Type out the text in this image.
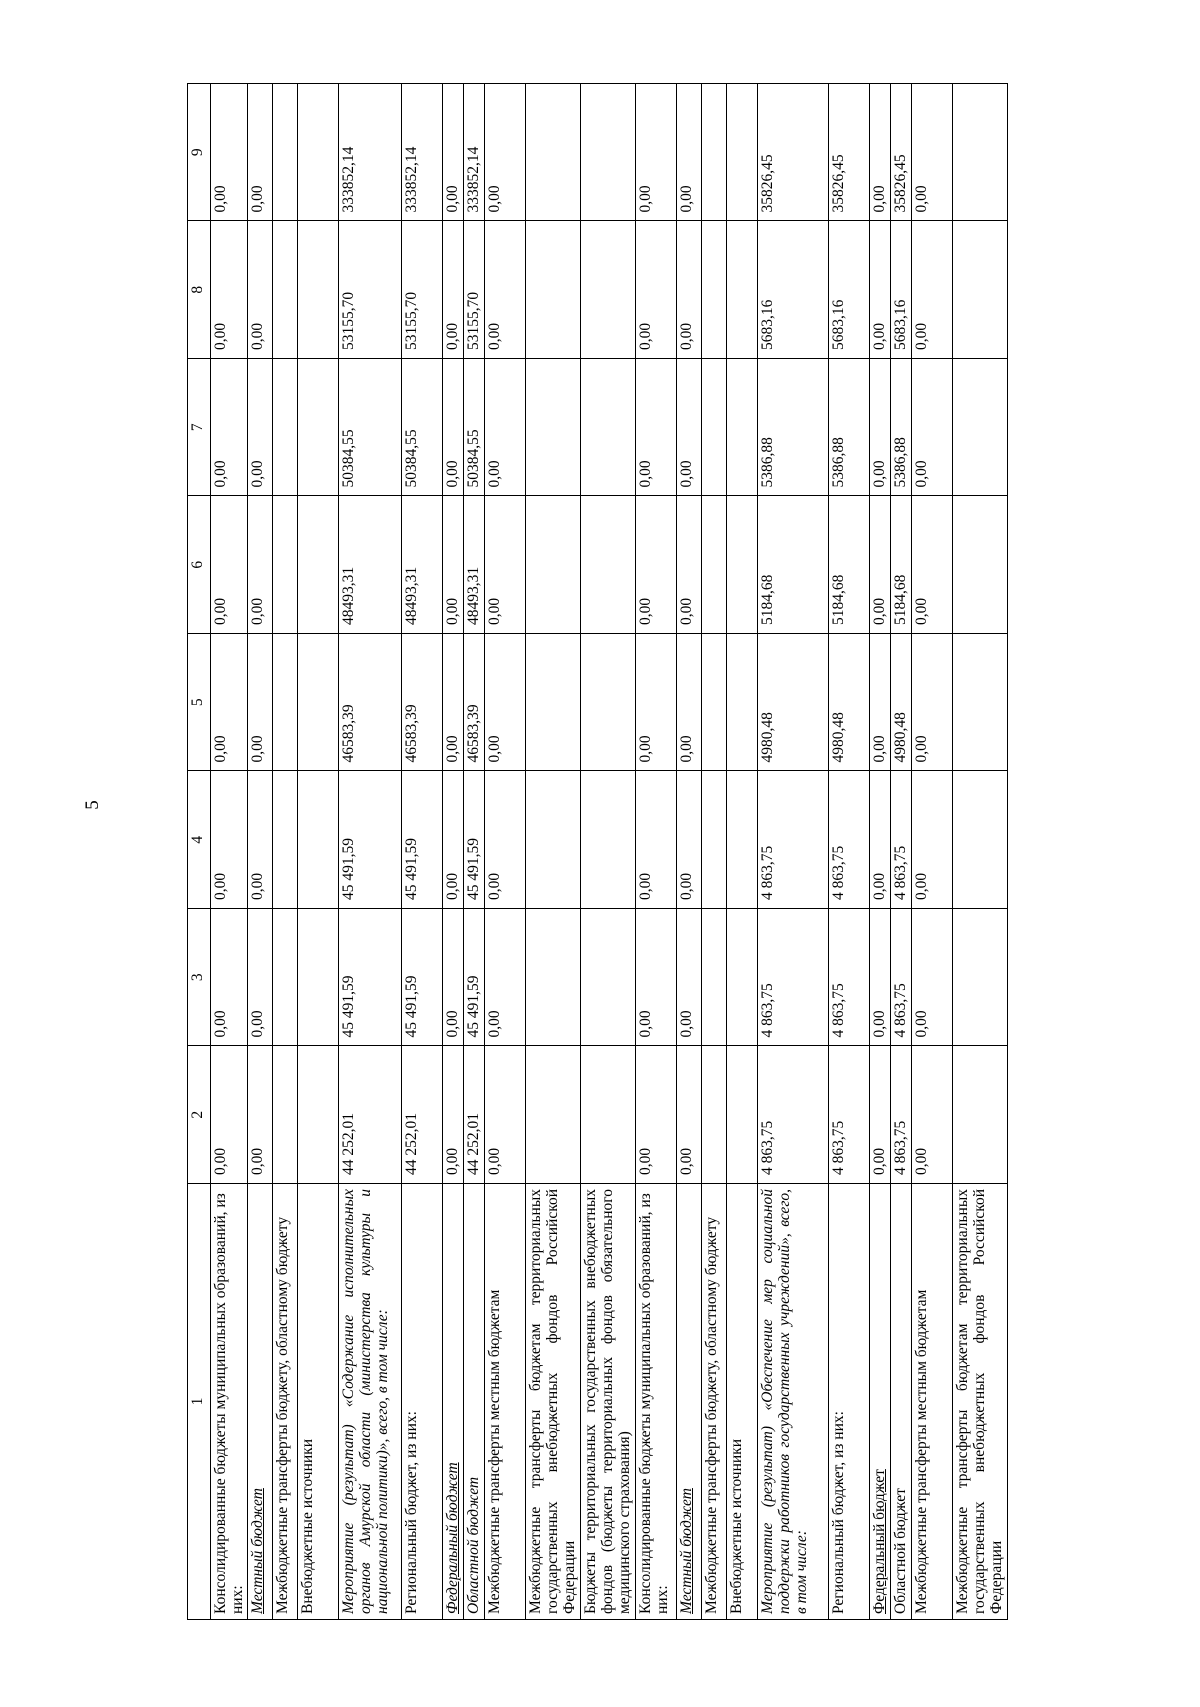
5
1	2	3	4	5	6	7	8	9
Консолидированные бюджеты муниципальных образований, из них:	0,00	0,00	0,00	0,00	0,00	0,00	0,00	0,00
Местный бюджет	0,00	0,00	0,00	0,00	0,00	0,00	0,00	0,00
Межбюджетные трансферты бюджету, областному бюджету								
Внебюджетные источники								
Мероприятие (результат) «Содержание исполнительных органов Амурской области (министерства культуры и национальной политики)», всего, в том числе:	44 252,01	45 491,59	45 491,59	46583,39	48493,31	50384,55	53155,70	333852,14
Региональный бюджет, из них:	44 252,01	45 491,59	45 491,59	46583,39	48493,31	50384,55	53155,70	333852,14
Федеральный бюджет	0,00	0,00	0,00	0,00	0,00	0,00	0,00	0,00
Областной бюджет	44 252,01	45 491,59	45 491,59	46583,39	48493,31	50384,55	53155,70	333852,14
Межбюджетные трансферты местным бюджетам	0,00	0,00	0,00	0,00	0,00	0,00	0,00	0,00
Межбюджетные трансферты бюджетам территориальных государственных внебюджетных фондов Российской Федерации								
Бюджеты территориальных государственных внебюджетных фондов (бюджеты территориальных фондов обязательного медицинского страхования)								
Консолидированные бюджеты муниципальных образований, из них:	0,00	0,00	0,00	0,00	0,00	0,00	0,00	0,00
Местный бюджет	0,00	0,00	0,00	0,00	0,00	0,00	0,00	0,00
Межбюджетные трансферты бюджету, областному бюджету								
Внебюджетные источники								
Мероприятие (результат) «Обеспечение мер социальной поддержки работников государственных учреждений», всего, в том числе:	4 863,75	4 863,75	4 863,75	4980,48	5184,68	5386,88	5683,16	35826,45
Региональный бюджет, из них:	4 863,75	4 863,75	4 863,75	4980,48	5184,68	5386,88	5683,16	35826,45
Федеральный бюджет	0,00	0,00	0,00	0,00	0,00	0,00	0,00	0,00
Областной бюджет	4 863,75	4 863,75	4 863,75	4980,48	5184,68	5386,88	5683,16	35826,45
Межбюджетные трансферты местным бюджетам	0,00	0,00	0,00	0,00	0,00	0,00	0,00	0,00
Межбюджетные трансферты бюджетам территориальных государственных внебюджетных фондов Российской Федерации								
